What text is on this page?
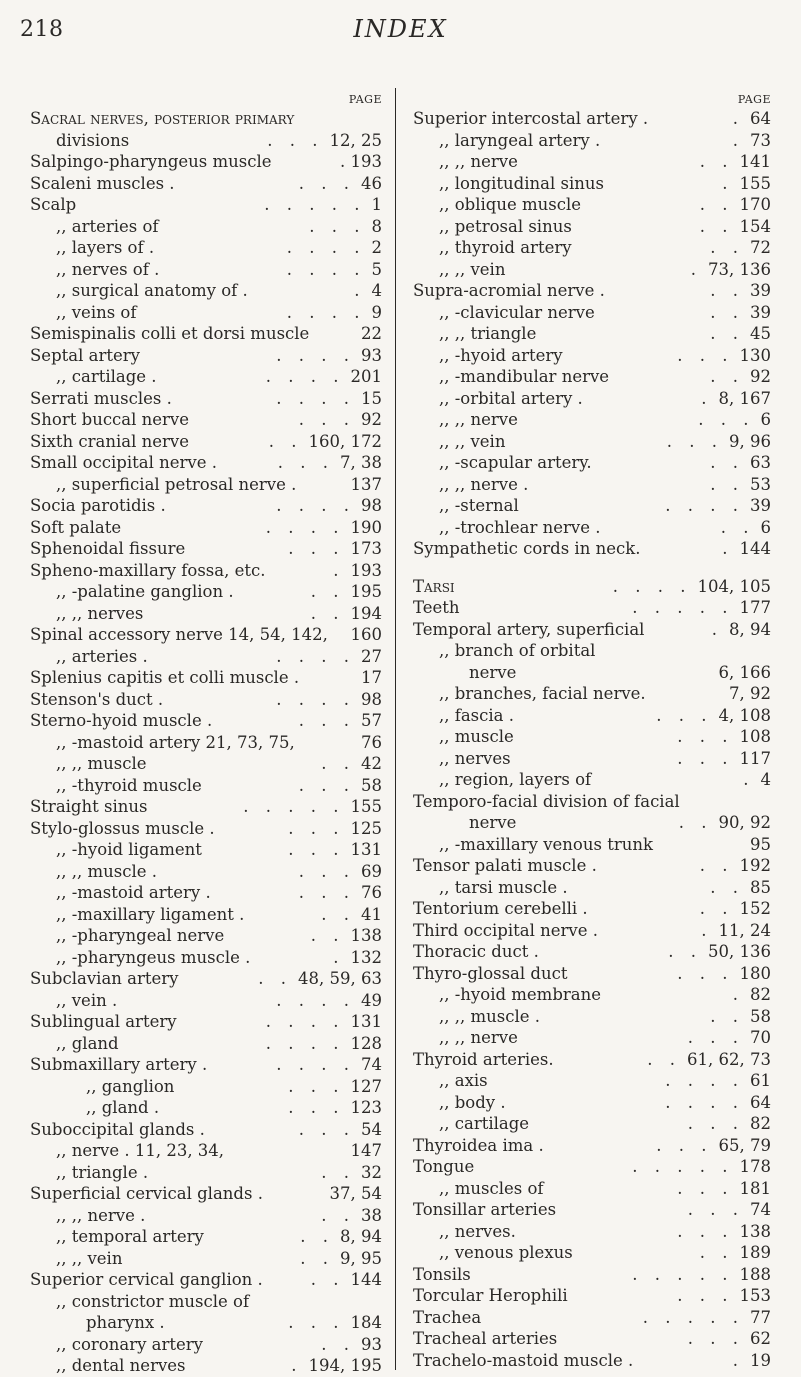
218	INDEX
PAGE
Sacral nerves, posterior primary
divisions	. . . 12, 25
Salpingo-pharyngeus muscle	. 193
Scaleni muscles .	. . . 46
Scalp	. . . . . 1
,, arteries of	. . . 8
,, layers of .	. . . . 2
,, nerves of .	. . . . 5
,, surgical anatomy of .	. 4
,, veins of	. . . . 9
Semispinalis colli et dorsi muscle	22
Septal artery	. . . . 93
,, cartilage .	. . . . 201
Serrati muscles .	. . . . 15
Short buccal nerve	. . . 92
Sixth cranial nerve	. . 160, 172
Small occipital nerve .	. . . 7, 38
,, superficial petrosal nerve .	137
Socia parotidis .	. . . . 98
Soft palate	. . . . 190
Sphenoidal fissure	. . . 173
Spheno-maxillary fossa, etc.	. 193
,, -palatine ganglion .	. . 195
,, ,, nerves	. . 194
Spinal accessory nerve 14, 54, 142, 160
,, arteries .	. . . . 27
Splenius capitis et colli muscle .	17
Stenson's duct .	. . . . 98
Sterno-hyoid muscle .	. . . 57
,, -mastoid artery 21, 73, 75,	76
,, ,, muscle	. . 42
,, -thyroid muscle	. . . 58
Straight sinus	. . . . . 155
Stylo-glossus muscle .	. . . 125
,, -hyoid ligament	. . . 131
,, ,, muscle .	. . . 69
,, -mastoid artery .	. . . 76
,, -maxillary ligament .	. . 41
,, -pharyngeal nerve	. . 138
,, -pharyngeus muscle .	. 132
Subclavian artery	. . 48, 59, 63
,, vein .	. . . . 49
Sublingual artery	. . . . 131
,, gland	. . . . 128
Submaxillary artery .	. . . . 74
,, ganglion	. . . 127
,, gland .	. . . 123
Suboccipital glands .	. . . 54
,, nerve . 11, 23, 34,	147
,, triangle .	. . 32
Superficial cervical glands .	37, 54
,, ,, nerve .	. . 38
,, temporal artery	. . 8, 94
,, ,, vein	. . 9, 95
Superior cervical ganglion .	. . 144
,, constrictor muscle of
pharynx .	. . . 184
,, coronary artery	. . 93
,, dental nerves	. 194, 195
PAGE
Superior intercostal artery .	. 64
,, laryngeal artery .	. 73
,, ,, nerve	. . 141
,, longitudinal sinus	. 155
,, oblique muscle	. . 170
,, petrosal sinus	. . 154
,, thyroid artery	. . 72
,, ,, vein	. 73, 136
Supra-acromial nerve .	. . 39
,, -clavicular nerve	. . 39
,, ,, triangle	. . 45
,, -hyoid artery	. . . 130
,, -mandibular nerve	. . 92
,, -orbital artery .	. 8, 167
,, ,, nerve	. . . 6
,, ,, vein	. . . 9, 96
,, -scapular artery.	. . 63
,, ,, nerve .	. . 53
,, -sternal	. . . . 39
,, -trochlear nerve .	. . 6
Sympathetic cords in neck.	. 144
Tarsi	. . . . 104, 105
Teeth	. . . . . 177
Temporal artery, superficial	. 8, 94
,, branch of orbital
nerve	6, 166
,, branches, facial nerve.	7, 92
,, fascia .	. . . 4, 108
,, muscle	. . . 108
,, nerves	. . . 117
,, region, layers of	. 4
Temporo-facial division of facial
nerve	. . 90, 92
,, -maxillary venous trunk	95
Tensor palati muscle .	. . 192
,, tarsi muscle .	. . 85
Tentorium cerebelli .	. . 152
Third occipital nerve .	. 11, 24
Thoracic duct .	. . 50, 136
Thyro-glossal duct	. . . 180
,, -hyoid membrane	. 82
,, ,, muscle .	. . 58
,, ,, nerve	. . . 70
Thyroid arteries.	. . 61, 62, 73
,, axis	. . . . 61
,, body .	. . . . 64
,, cartilage	. . . 82
Thyroidea ima .	. . . 65, 79
Tongue	. . . . . 178
,, muscles of	. . . 181
Tonsillar arteries	. . . 74
,, nerves.	. . . 138
,, venous plexus	. . 189
Tonsils	. . . . . 188
Torcular Herophili	. . . 153
Trachea	. . . . . 77
Tracheal arteries	. . . 62
Trachelo-mastoid muscle .	. 19
